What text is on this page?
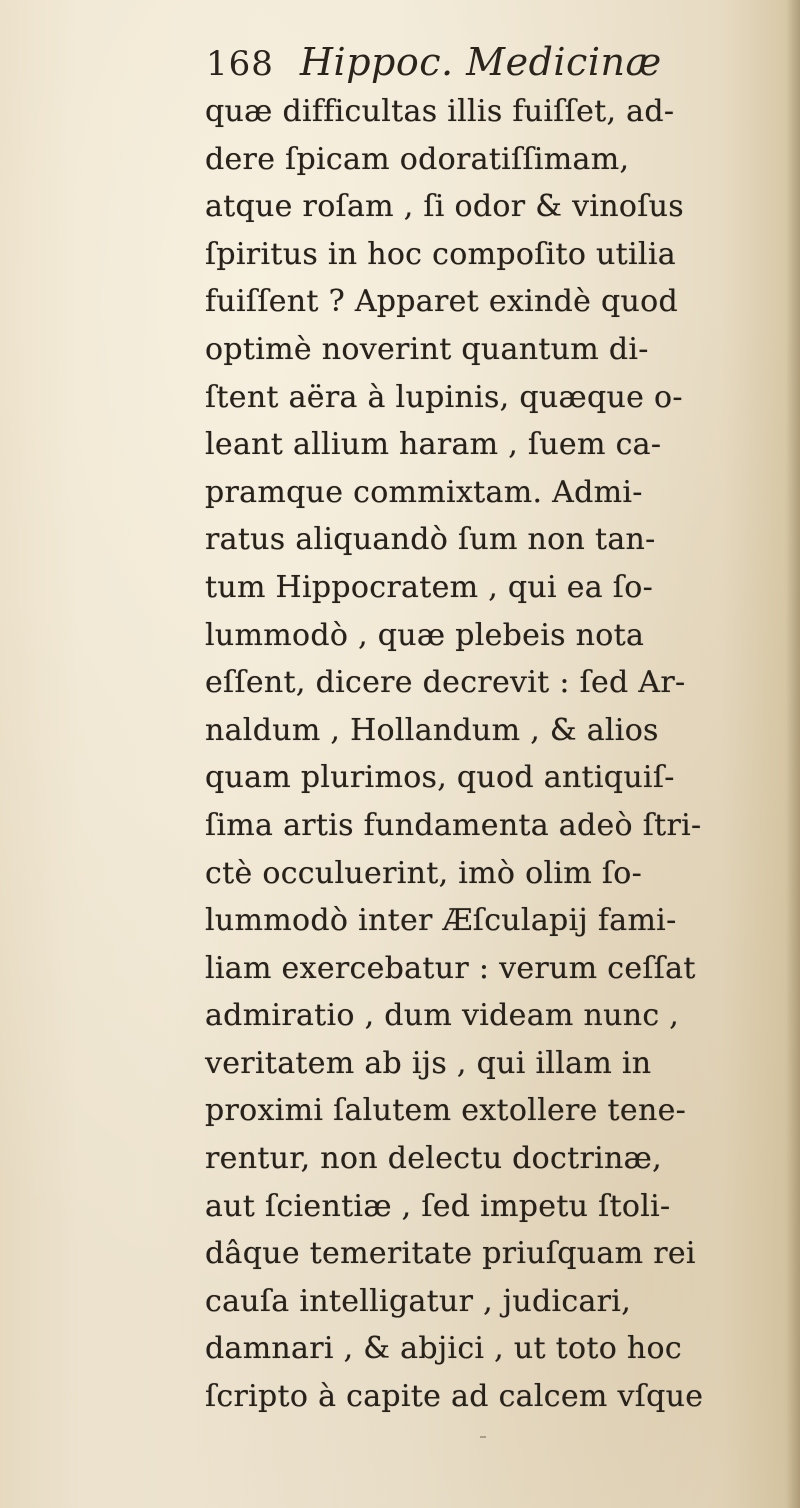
168 Hippoc. Medicinæ
quæ difficultas illis fuiſſet, ad-
dere ſpicam odoratiſſimam,
atque roſam , ſi odor & vinoſus
ſpiritus in hoc compoſito utilia
fuiſſent ? Apparet exindè quod
optimè noverint quantum di-
ſtent aëra à lupinis, quæque o-
leant allium haram , ſuem ca-
pramque commixtam. Admi-
ratus aliquandò ſum non tan-
tum Hippocratem , qui ea ſo-
lummodò , quæ plebeis nota
eſſent, dicere decrevit : ſed Ar-
naldum , Hollandum , & alios
quam plurimos, quod antiquiſ-
ſima artis fundamenta adeò ſtri-
ctè occuluerint, imò olim ſo-
lummodò inter Æſculapij fami-
liam exercebatur : verum ceſſat
admiratio , dum videam nunc ,
veritatem ab ijs , qui illam in
proximi ſalutem extollere tene-
rentur, non delectu doctrinæ,
aut ſcientiæ , ſed impetu ſtoli-
dâque temeritate priuſquam rei
cauſa intelligatur , judicari,
damnari , & abjici , ut toto hoc
ſcripto à capite ad calcem vſque
